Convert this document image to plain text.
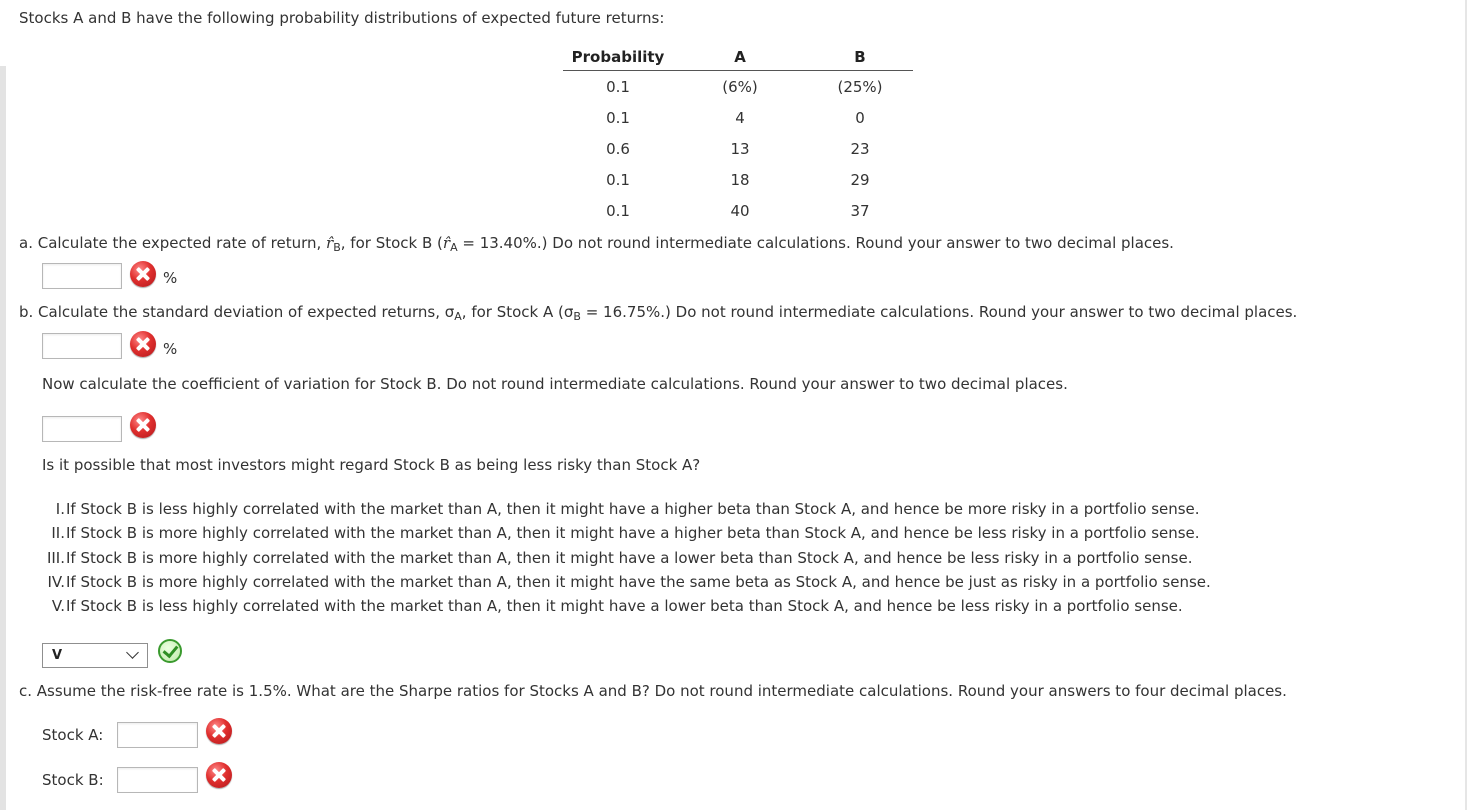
Stocks A and B have the following probability distributions of expected future returns:
Probability	A	B
0.1	(6%)	(25%)
0.1	4	0
0.6	13	23
0.1	18	29
0.1	40	37
a. Calculate the expected rate of return, $r̂_B$, for Stock B $(r̂_A = 13.40\%.)$ Do not round intermediate calculations. Round your answer to two decimal places.
%
b. Calculate the standard deviation of expected returns, $\sigma_A$, for Stock A $(\sigma_B = 16.75\%.)$ Do not round intermediate calculations. Round your answer to two decimal places.
%
Now calculate the coefficient of variation for Stock B. Do not round intermediate calculations. Round your answer to two decimal places.
Is it possible that most investors might regard Stock B as being less risky than Stock A?
I. If Stock B is less highly correlated with the market than A, then it might have a higher beta than Stock A, and hence be more risky in a portfolio sense.
II. If Stock B is more highly correlated with the market than A, then it might have a higher beta than Stock A, and hence be less risky in a portfolio sense.
III. If Stock B is more highly correlated with the market than A, then it might have a lower beta than Stock A, and hence be less risky in a portfolio sense.
IV. If Stock B is more highly correlated with the market than A, then it might have the same beta as Stock A, and hence be just as risky in a portfolio sense.
V. If Stock B is less highly correlated with the market than A, then it might have a lower beta than Stock A, and hence be less risky in a portfolio sense.
V
c. Assume the risk-free rate is 1.5%. What are the Sharpe ratios for Stocks A and B? Do not round intermediate calculations. Round your answers to four decimal places.
Stock A:
Stock B:
